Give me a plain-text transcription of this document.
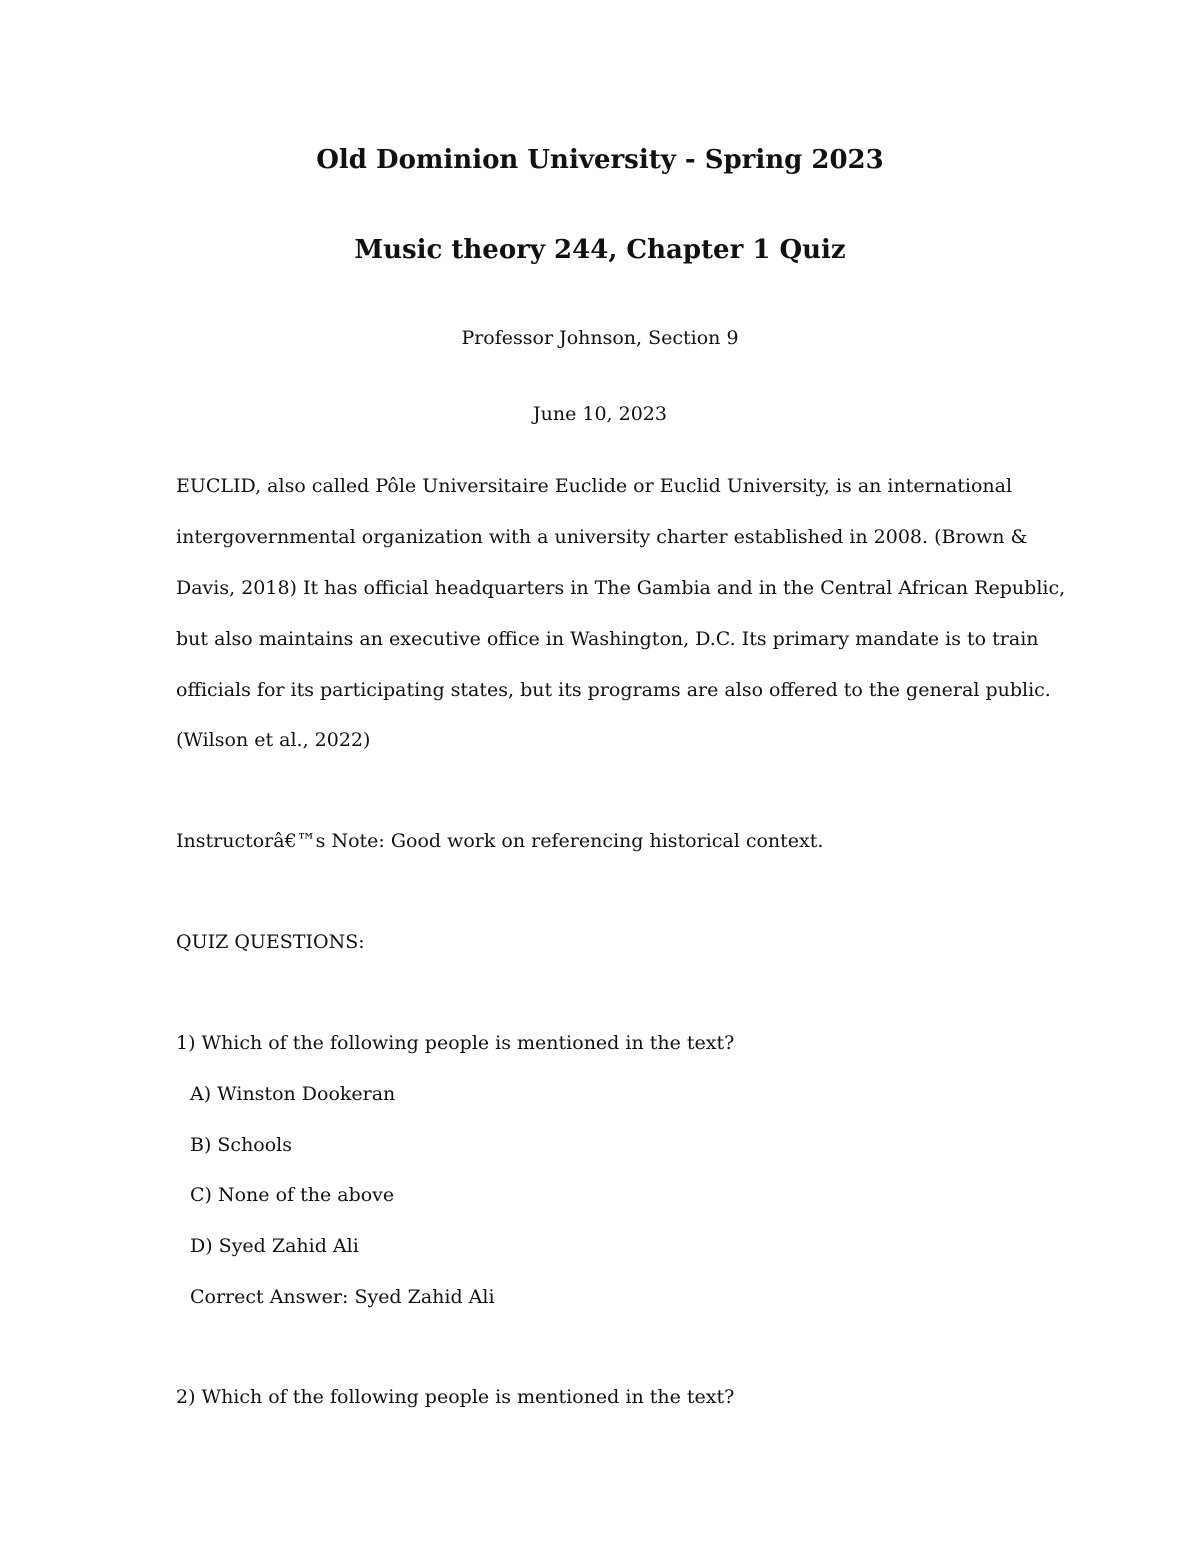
Old Dominion University - Spring 2023
Music theory 244, Chapter 1 Quiz

Professor Johnson, Section 9

June 10, 2023

EUCLID, also called Pôle Universitaire Euclide or Euclid University, is an international

intergovernmental organization with a university charter established in 2008. (Brown &

Davis, 2018) It has official headquarters in The Gambia and in the Central African Republic,

but also maintains an executive office in Washington, D.C. Its primary mandate is to train

officials for its participating states, but its programs are also offered to the general public.

(Wilson et al., 2022)

Instructorâ€™s Note: Good work on referencing historical context.

QUIZ QUESTIONS:

1) Which of the following people is mentioned in the text?

A) Winston Dookeran

B) Schools

C) None of the above

D) Syed Zahid Ali

Correct Answer: Syed Zahid Ali

2) Which of the following people is mentioned in the text?
